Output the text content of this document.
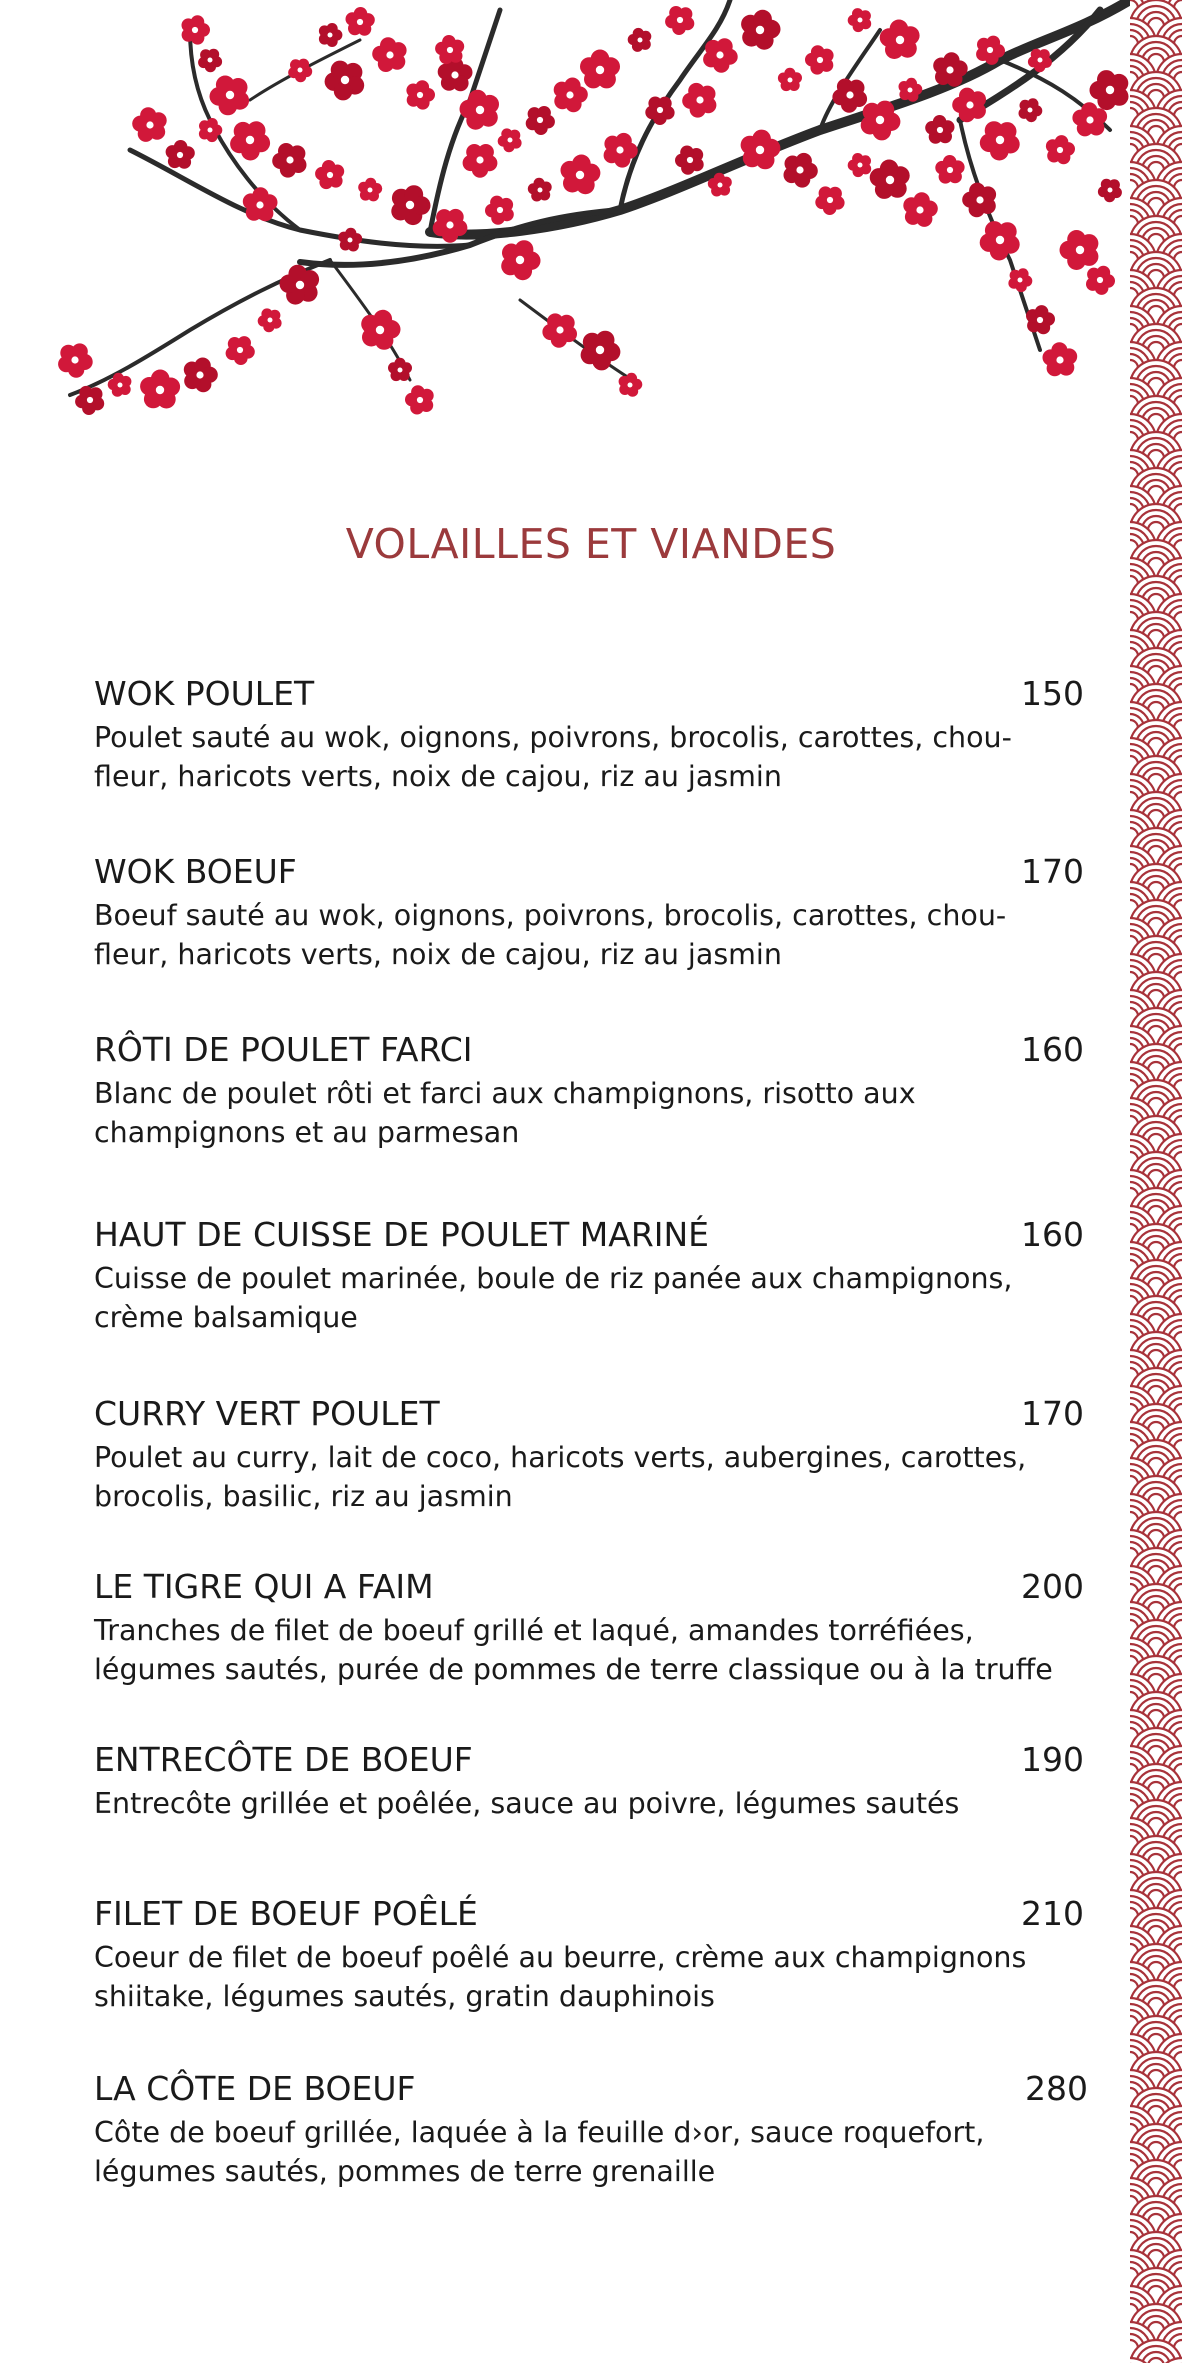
VOLAILLES ET VIANDES
WOK POULET	150
Poulet sauté au wok, oignons, poivrons, brocolis, carottes, chou-fleur, haricots verts, noix de cajou, riz au jasmin
WOK BOEUF	170
Boeuf sauté au wok, oignons, poivrons, brocolis, carottes, chou-fleur, haricots verts, noix de cajou, riz au jasmin
RÔTI DE POULET FARCI	160
Blanc de poulet rôti et farci aux champignons, risotto aux champignons et au parmesan
HAUT DE CUISSE DE POULET MARINÉ	160
Cuisse de poulet marinée, boule de riz panée aux champignons, crème balsamique
CURRY VERT POULET	170
Poulet au curry, lait de coco, haricots verts, aubergines, carottes, brocolis, basilic, riz au jasmin
LE TIGRE QUI A FAIM	200
Tranches de filet de boeuf grillé et laqué, amandes torréfiées, légumes sautés, purée de pommes de terre classique ou à la truffe
ENTRECÔTE DE BOEUF	190
Entrecôte grillée et poêlée, sauce au poivre, légumes sautés
FILET DE BOEUF POÊLÉ	210
Coeur de filet de boeuf poêlé au beurre, crème aux champignons shiitake, légumes sautés, gratin dauphinois
LA CÔTE DE BOEUF	280
Côte de boeuf grillée, laquée à la feuille d›or, sauce roquefort, légumes sautés, pommes de terre grenaille
